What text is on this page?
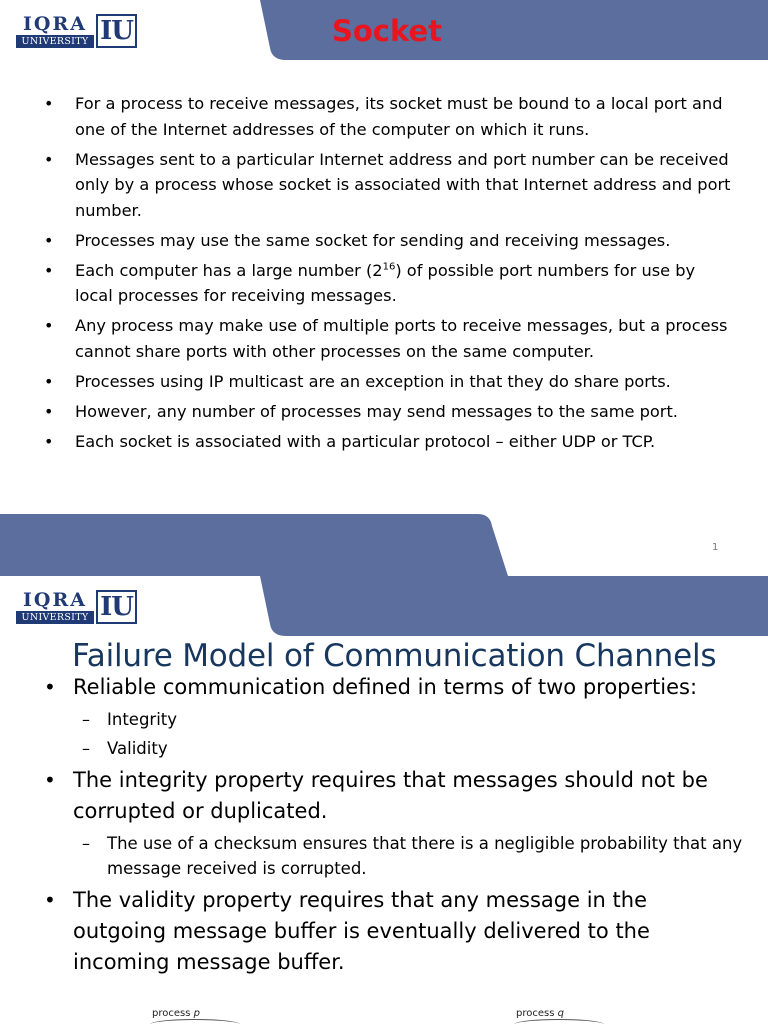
IQRA
UNIVERSITY IU	Socket
• For a process to receive messages, its socket must be bound to a local port and one of the Internet addresses of the computer on which it runs.
• Messages sent to a particular Internet address and port number can be received only by a process whose socket is associated with that Internet address and port number.
• Processes may use the same socket for sending and receiving messages.
• Each computer has a large number $(2^{16})$ of possible port numbers for use by local processes for receiving messages.
• Any process may make use of multiple ports to receive messages, but a process cannot share ports with other processes on the same computer.
• Processes using IP multicast are an exception in that they do share ports.
• However, any number of processes may send messages to the same port.
• Each socket is associated with a particular protocol – either UDP or TCP.
1
IQRA
UNIVERSITY IU
Failure Model of Communication Channels
• Reliable communication defined in terms of two properties:
– Integrity
– Validity
• The integrity property requires that messages should not be corrupted or duplicated.
– The use of a checksum ensures that there is a negligible probability that any message received is corrupted.
• The validity property requires that any message in the outgoing message buffer is eventually delivered to the incoming message buffer.
process p	process q
